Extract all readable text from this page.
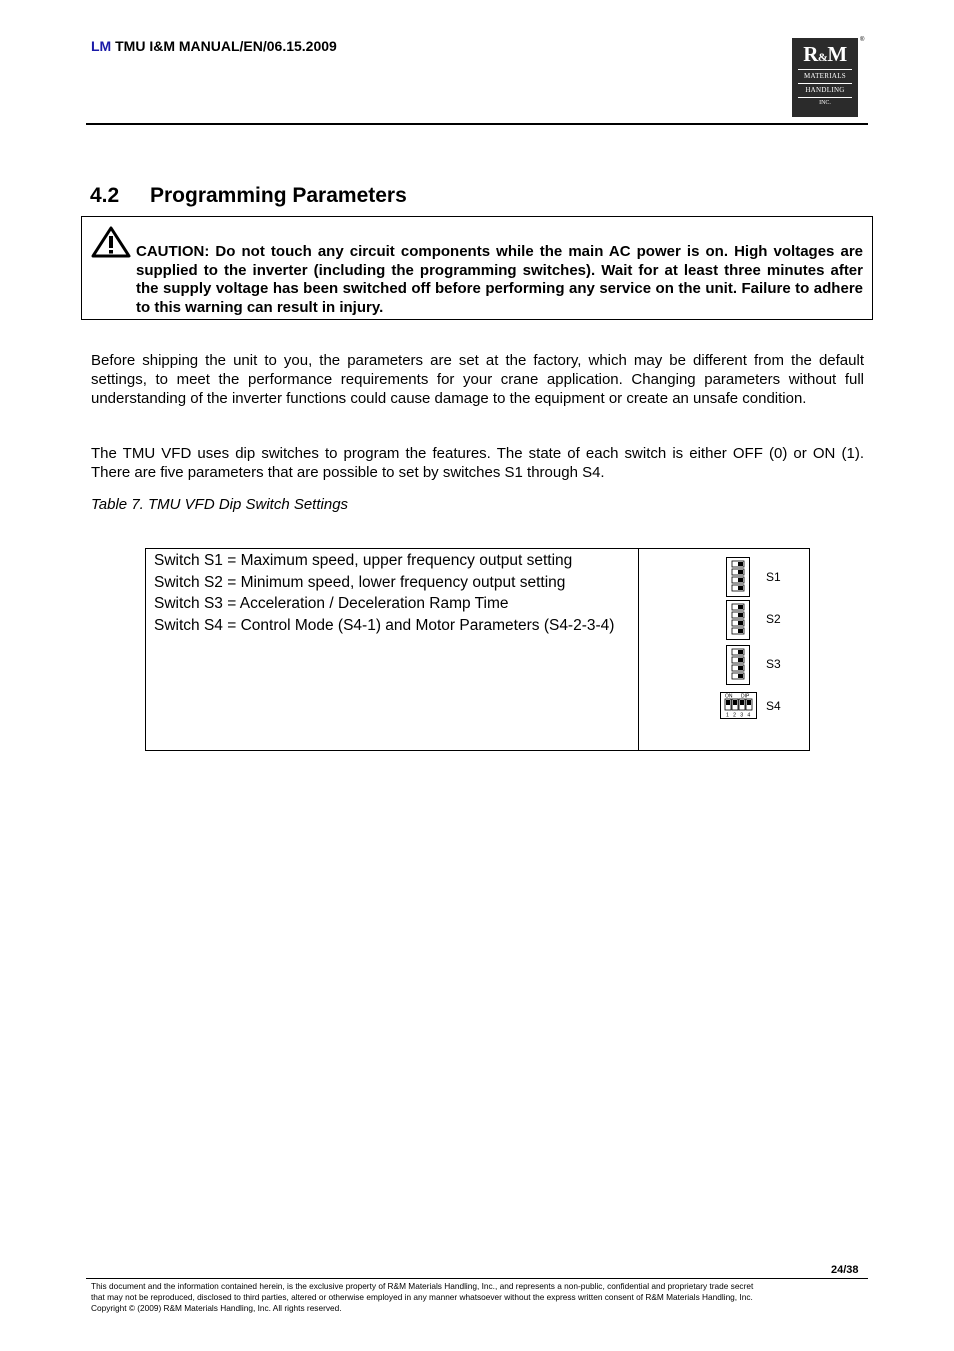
LM TMU I&M MANUAL/EN/06.15.2009	R&M
MATERIALS
HANDLING
INC.
®
4.2 Programming Parameters
CAUTION: Do not touch any circuit components while the main AC power is on. High voltages are supplied to the inverter (including the programming switches). Wait for at least three minutes after the supply voltage has been switched off before performing any service on the unit. Failure to adhere to this warning can result in injury.
Before shipping the unit to you, the parameters are set at the factory, which may be different from the default settings, to meet the performance requirements for your crane application. Changing parameters without full understanding of the inverter functions could cause damage to the equipment or create an unsafe condition.
The TMU VFD uses dip switches to program the features. The state of each switch is either OFF (0) or ON (1). There are five parameters that are possible to set by switches S1 through S4.
Table 7. TMU VFD Dip Switch Settings
Switch S1 = Maximum speed, upper frequency output setting
Switch S2 = Minimum speed, lower frequency output setting
Switch S3 = Acceleration / Deceleration Ramp Time
Switch S4 = Control Mode (S4-1) and Motor Parameters (S4-2-3-4)
S1
S2
S3
ON DIP
1 2 3 4
S4
24/38
This document and the information contained herein, is the exclusive property of R&M Materials Handling, Inc., and represents a non-public, confidential and proprietary trade secret
that may not be reproduced, disclosed to third parties, altered or otherwise employed in any manner whatsoever without the express written consent of R&M Materials Handling, Inc.
Copyright © (2009) R&M Materials Handling, Inc. All rights reserved.
